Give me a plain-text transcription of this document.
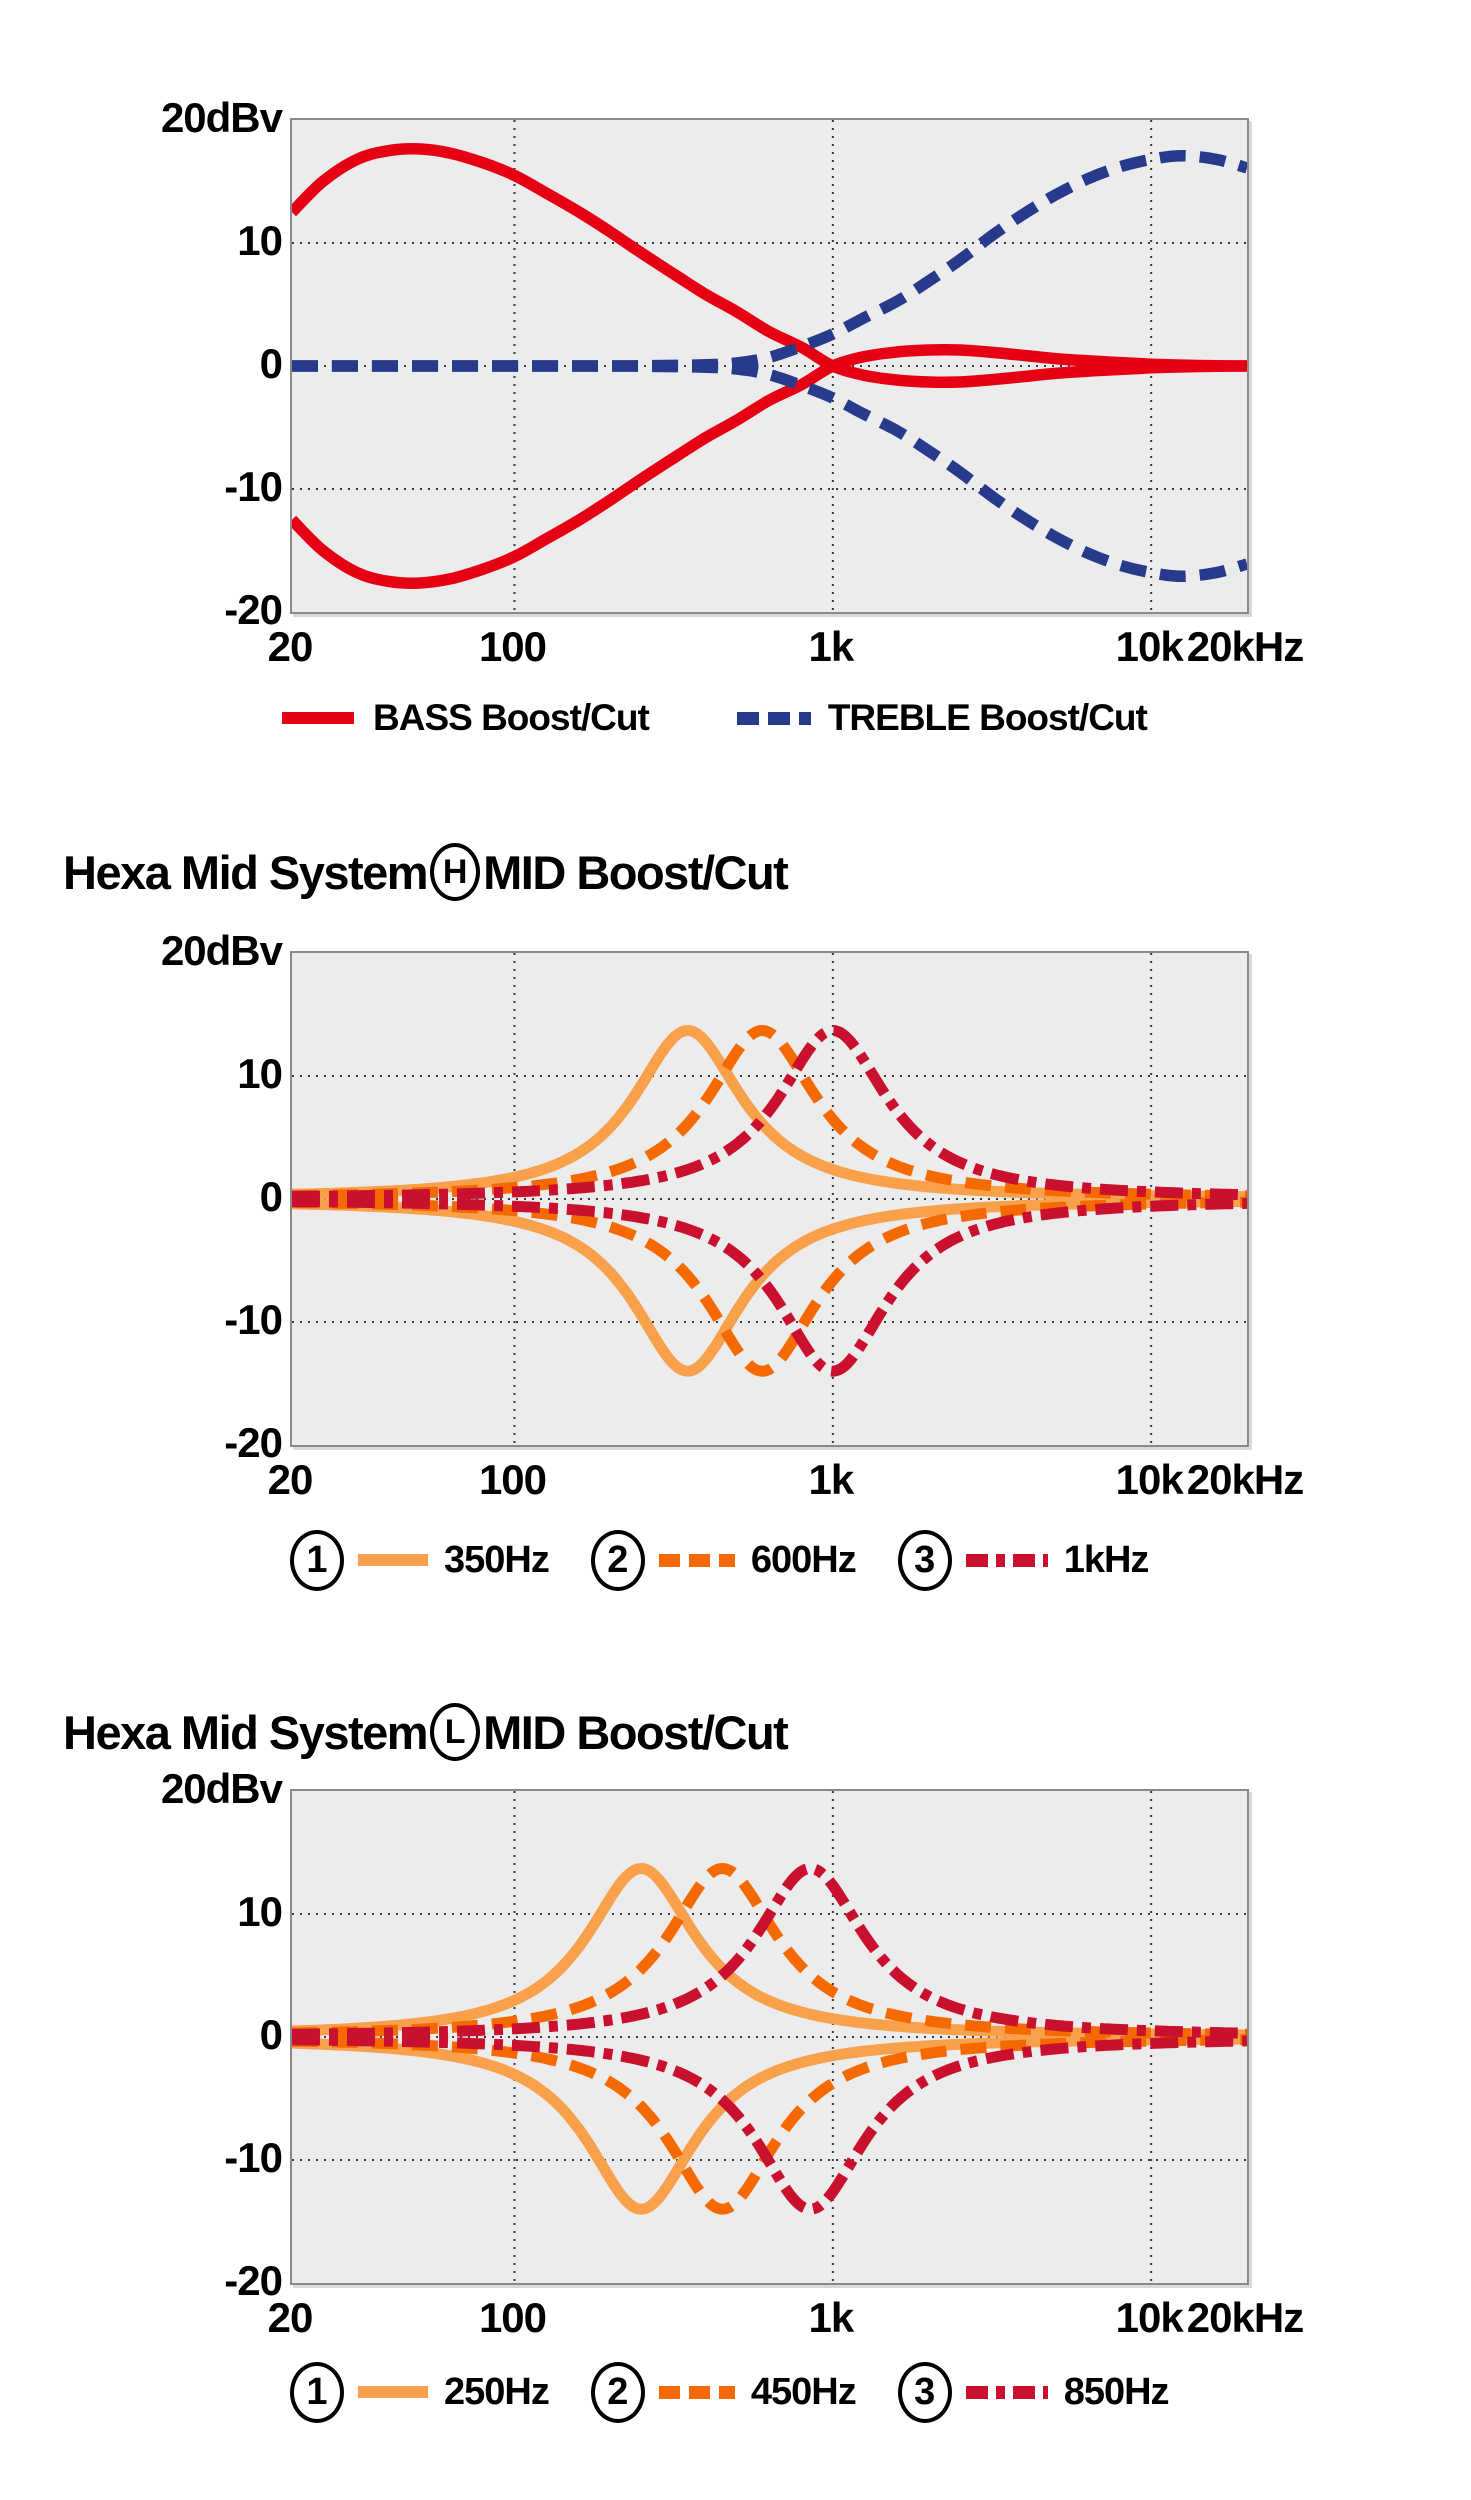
20dBv
10
0
-10
-20
20	100	1k	10k 20kHz
BASS Boost/Cut	TREBLE Boost/Cut
Hexa Mid System H MID Boost/Cut
20dBv
10
0
-10
-20
20	100	1k	10k 20kHz
1	350Hz	2	600Hz	3	1kHz
Hexa Mid System L MID Boost/Cut
20dBv
10
0
-10
-20
20	100	1k	10k 20kHz
1	250Hz	2	450Hz	3	850Hz
